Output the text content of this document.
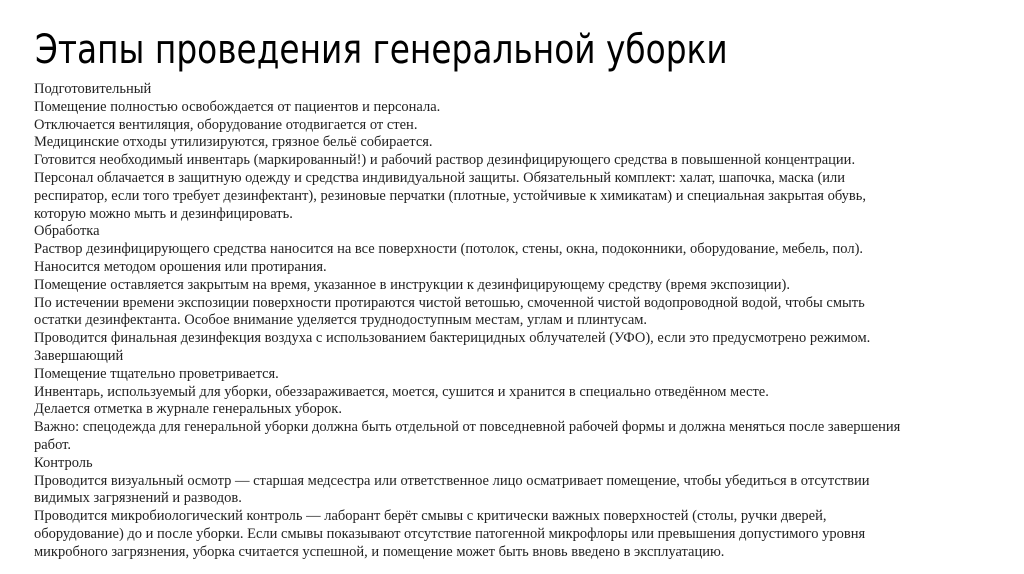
Этапы проведения генеральной уборки

Подготовительный

Помещение полностью освобождается от пациентов и персонала.

Отключается вентиляция, оборудование отодвигается от стен.

Медицинские отходы утилизируются, грязное бельё собирается.

Готовится необходимый инвентарь (маркированный!) и рабочий раствор дезинфицирующего средства в повышенной концентрации.

Персонал облачается в защитную одежду и средства индивидуальной защиты. Обязательный комплект: халат, шапочка, маска (или респиратор, если того требует дезинфектант), резиновые перчатки (плотные, устойчивые к химикатам) и специальная закрытая обувь, которую можно мыть и дезинфицировать.

Обработка

Раствор дезинфицирующего средства наносится на все поверхности (потолок, стены, окна, подоконники, оборудование, мебель, пол).

Наносится методом орошения или протирания.

Помещение оставляется закрытым на время, указанное в инструкции к дезинфицирующему средству (время экспозиции).

По истечении времени экспозиции поверхности протираются чистой ветошью, смоченной чистой водопроводной водой, чтобы смыть остатки дезинфектанта. Особое внимание уделяется труднодоступным местам, углам и плинтусам.

Проводится финальная дезинфекция воздуха с использованием бактерицидных облучателей (УФО), если это предусмотрено режимом.

Завершающий

Помещение тщательно проветривается.

Инвентарь, используемый для уборки, обеззараживается, моется, сушится и хранится в специально отведённом месте.

Делается отметка в журнале генеральных уборок.

Важно: спецодежда для генеральной уборки должна быть отдельной от повседневной рабочей формы и должна меняться после завершения работ.

Контроль

Проводится визуальный осмотр — старшая медсестра или ответственное лицо осматривает помещение, чтобы убедиться в отсутствии видимых загрязнений и разводов.

Проводится микробиологический контроль — лаборант берёт смывы с критически важных поверхностей (столы, ручки дверей, оборудование) до и после уборки. Если смывы показывают отсутствие патогенной микрофлоры или превышения допустимого уровня микробного загрязнения, уборка считается успешной, и помещение может быть вновь введено в эксплуатацию.
